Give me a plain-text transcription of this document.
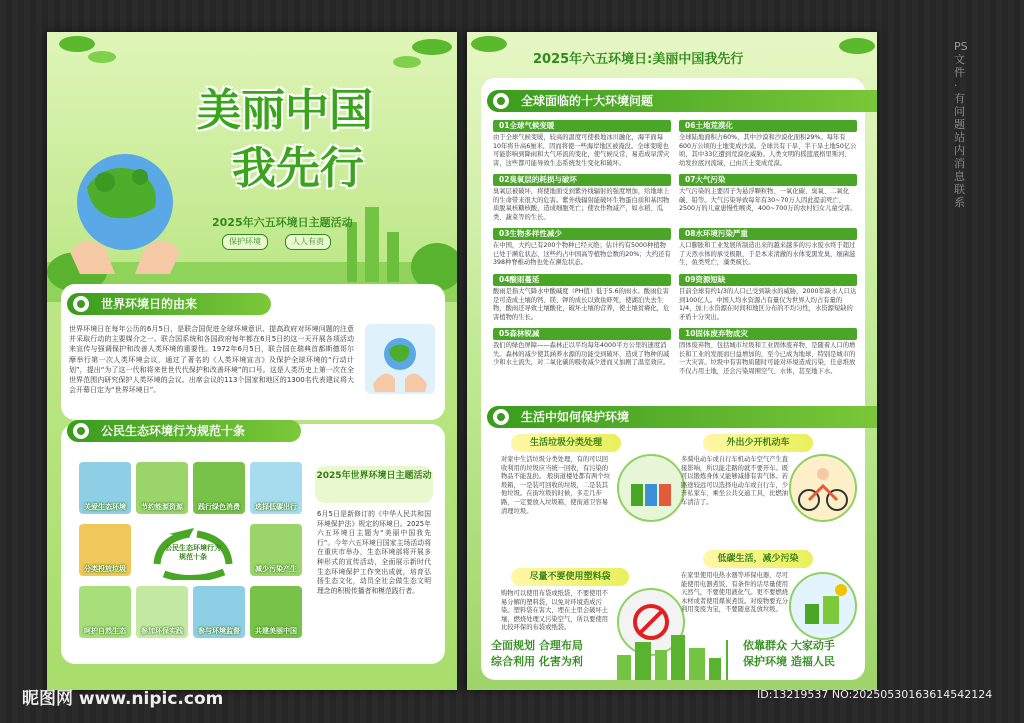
美丽中国
我先行
2025年六五环境日主题活动
保护环境	人人有责
世界环境日的由来
世界环境日在每年公历的6月5日，是联合国促进全球环境意识、提高政府对环境问题的注意并采取行动的主要媒介之一。联合国系统和各国政府每年都在6月5日的这一天开展各项活动来宣传与强调保护和改善人类环境的重要性。1972年6月5日，联合国在瑞典首都斯德哥尔摩举行第一次人类环境会议，通过了著名的《人类环境宣言》及保护全球环境的“行动计划”，提出“为了这一代和将来世世代代保护和改善环境”的口号。这是人类历史上第一次在全世界范围内研究保护人类环境的会议。出席会议的113个国家和地区的1300名代表建议将大会开幕日定为“世界环境日”。
公民生态环境行为规范十条
关爱生态环境	节约能源资源	践行绿色消费	选择低碳出行
分类投放垃圾	减少污染产生
呵护自然生态	参加环保实践	参与环境监督	共建美丽中国
公民生态环境行为规范十条
2025年世界环境日主题活动
6月5日是新修订的《中华人民共和国环境保护法》规定的环境日。2025年六五环境日主题为“美丽中国我先行”。今年六五环境日国家主场活动将在重庆市举办，生态环境部将开展多种形式的宣传活动，全面展示新时代生态环境保护工作突出成就，培育弘扬生态文化，动员全社会做生态文明理念的积极传播者和模范践行者。
2025年六五环境日:美丽中国我先行
全球面临的十大环境问题
01全球气候变暖
由于全球气候变暖，较高的温度可使极地冰川融化，海平面每10年将升高6厘米，因而将使一些海岸地区被淹没。全球变暖也可能影响到降雨和大气环流的变化，使气候反常，易造成旱涝灾害，这些都可能导致生态系统发生变化和破坏。
06土地荒漠化
全球陆地面积占60%，其中沙漠和沙漠化面积29%。每年有600万公顷的土地变成沙漠。全球共有干旱、半干旱土地50亿公顷，其中33亿遭到荒漠化威胁。人类文明的摇篮底格里斯河、幼发拉底河流域，已由沃土变成荒漠。
02臭氧层的耗损与破坏
臭氧层被破坏，将使地面受到紫外线辐射的强度增加，给地球上的生命带来很大的危害。紫外线辐射能破坏生物蛋白质和基因物质脱氧核糖核酸，造成细胞死亡；使农作物减产，如水稻、瓜类、蔬菜等的生长。
07大气污染
大气污染的主要因子为悬浮颗粒物、一氧化碳、臭氧、二氧化碳、铅等。大气污染导致每年有30~70万人因此提前死亡，2500万的儿童患慢性喉炎，400~700万的农村妇女儿童受害。
03生物多样性减少
在中国，大约已有200个物种已经灭绝；估计约有5000种植物已处于濒危状态，这些约占中国高等植物总数的20%；大约还有398种脊椎动物也处在濒危状态。
08水环境污染严重
人口膨胀和工业发展所制造出来的越来越多的污水废水终于超过了天然水体的承受极限，于是本来清澈的水体变黑发臭，细菌滋生，鱼类死亡，藻类疯长。
04酸雨蔓延
酸雨是指大气降水中酸碱度（PH值）低于5.6的雨水。酸雨危害是可造成土壤的钙、镁、钾的成长以致鱼虾死，使湖泊失去生物，酸雨还导致土壤酸化，破坏土壤的营养，使土壤贫瘠化，危害植物的生长。
09资源短缺
目前全球有约1/3的人口已受到缺水的威胁，2000年缺水人口达到100亿人。中国人均水资源占有量仅为世界人均占有量的1/4，加上水资源在时间和地区分布的不均匀性，水资源短缺的矛盾十分突出。
05森林锐减
我们的绿色屏障——森林正以平均每年4000平方公里的速度消失。森林的减少使其涵养水源的功能受到破坏，造成了物种的减少和水土流失，对二氧化碳的吸收减少进而又加剧了温室效应。
10固体废弃物成灾
固体废弃物、包括城市垃圾和工业固体废弃物，是随着人口的增长和工业的发展而日益增加的，至今已成为地球、特别是城市的一大灾害。垃圾中有害物质随时可能对环境造成污染，任意堆放不仅占用土地，还会污染周围空气、水体，甚至地下水。
生活中如何保护环境
生活垃圾分类处理
对家中生活垃圾分类处理，有的可以回收利用的垃圾应当统一回收，有污染的物品不能乱扔。 般街道楼处都有两个垃圾箱，一是装可回收的垃圾，二是装其他垃圾。在街垃圾的时候，多走几步路，一定要放入垃圾箱，使街道卫容易清理垃圾。
外出少开机动车
多骑电动车或自行车机动车空气产生直接影响，所以能走路的就不要开车。既可以锻炼身体又能够减排有害气体。若路途较远可以选择电动车或自行车，少开私家车，乘坐公共交通工具，比燃油车清洁了。
尽量不要使用塑料袋
购物可以使用布袋或纸袋，不要使用不易分解的塑料袋，以免对环境造成污染。塑料袋在害大，埋在土里会破坏土壤，燃烧处理又污染空气，所以要使用比较环保的布袋或纸袋。
低碳生活，减少污染
在家里使用电热水器等环保电器，尽可能使用电器煮饭，有条件的话尽量使用天然气，不要使用液化气。更不要燃烧木材或者使用煤炭煮饭。对废物要充分利用变废为宝，不要随意乱放垃圾。
全面规划 合理布局
综合利用 化害为利
依靠群众 大家动手
保护环境 造福人民
昵图网 www.nipic.com	ID:13219537 NO:20250530163614542124
PS文件·有问题站内消息联系
